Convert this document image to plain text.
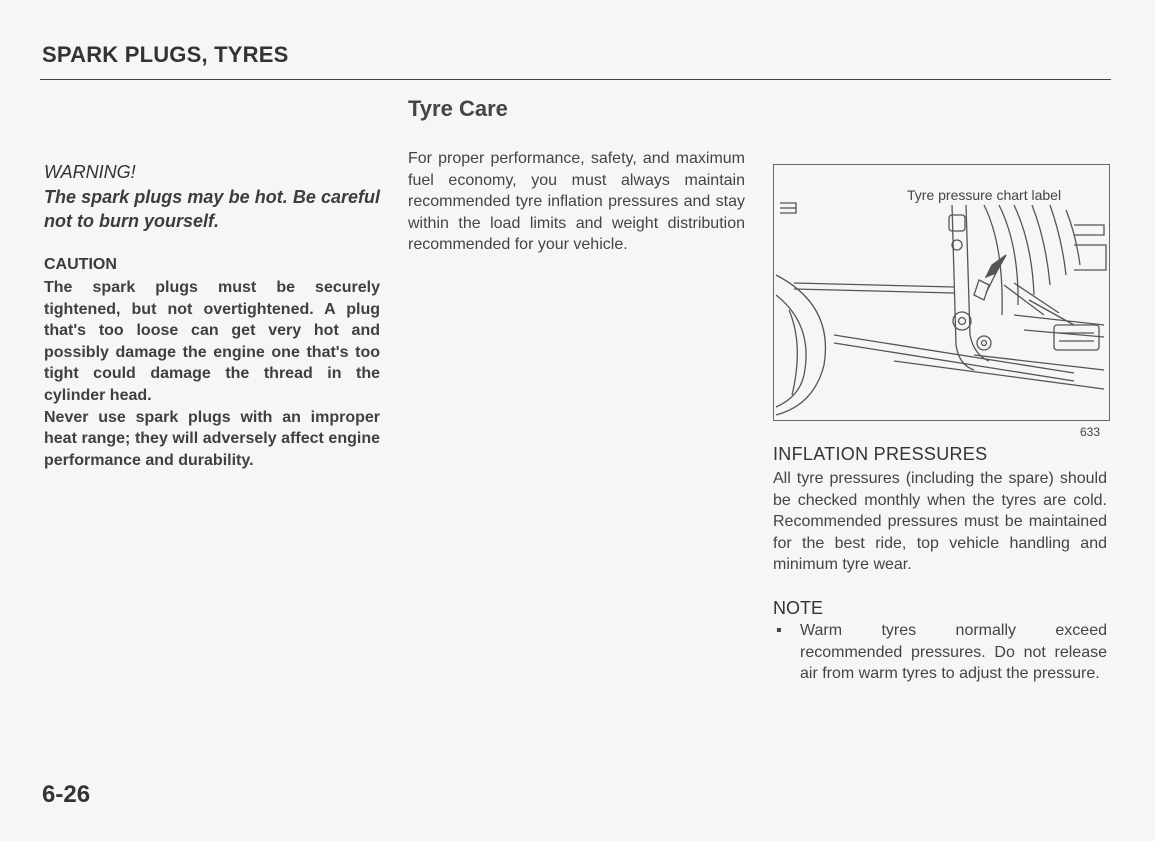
SPARK PLUGS, TYRES
Tyre Care
WARNING!
The spark plugs may be hot. Be careful not to burn yourself.
CAUTION

The spark plugs must be securely tightened, but not overtightened. A plug that's too loose can get very hot and possibly damage the engine one that's too tight could damage the thread in the cylinder head.

Never use spark plugs with an improper heat range; they will adversely affect engine performance and durability.

For proper performance, safety, and maximum fuel economy, you must always maintain recommended tyre inflation pressures and stay within the load limits and weight distribution recommended for your vehicle.

Tyre pressure chart label
633
INFLATION PRESSURES

All tyre pressures (including the spare) should be checked monthly when the tyres are cold. Recommended pressures must be maintained for the best ride, top vehicle handling and minimum tyre wear.

NOTE
▪ Warm tyres normally exceed recommended pressures. Do not release air from warm tyres to adjust the pressure.
6-26
